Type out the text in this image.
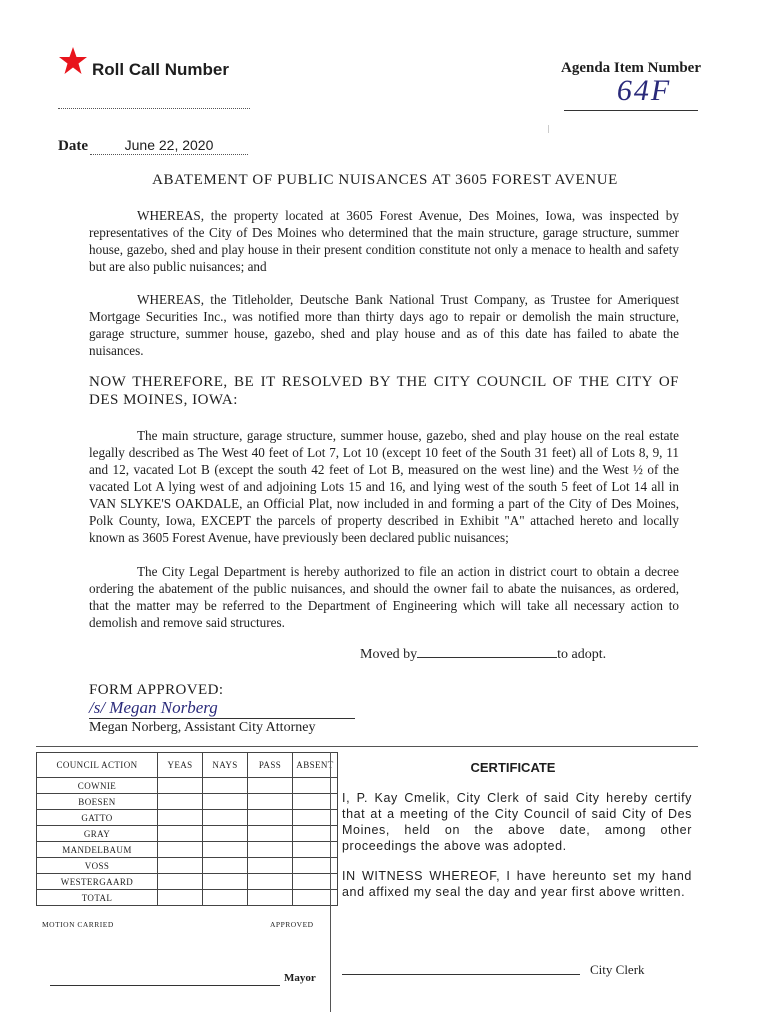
Roll Call Number	Agenda Item Number
64F
Date	June 22, 2020
ABATEMENT OF PUBLIC NUISANCES AT 3605 FOREST AVENUE
WHEREAS, the property located at 3605 Forest Avenue, Des Moines, Iowa, was inspected by representatives of the City of Des Moines who determined that the main structure, garage structure, summer house, gazebo, shed and play house in their present condition constitute not only a menace to health and safety but are also public nuisances; and
WHEREAS, the Titleholder, Deutsche Bank National Trust Company, as Trustee for Ameriquest Mortgage Securities Inc., was notified more than thirty days ago to repair or demolish the main structure, garage structure, summer house, gazebo, shed and play house and as of this date has failed to abate the nuisances.
NOW THEREFORE, BE IT RESOLVED BY THE CITY COUNCIL OF THE CITY OF DES MOINES, IOWA:
The main structure, garage structure, summer house, gazebo, shed and play house on the real estate legally described as The West 40 feet of Lot 7, Lot 10 (except 10 feet of the South 31 feet) all of Lots 8, 9, 11 and 12, vacated Lot B (except the south 42 feet of Lot B, measured on the west line) and the West ½ of the vacated Lot A lying west of and adjoining Lots 15 and 16, and lying west of the south 5 feet of Lot 14 all in VAN SLYKE'S OAKDALE, an Official Plat, now included in and forming a part of the City of Des Moines, Polk County, Iowa, EXCEPT the parcels of property described in Exhibit "A" attached hereto and locally known as 3605 Forest Avenue, have previously been declared public nuisances;
The City Legal Department is hereby authorized to file an action in district court to obtain a decree ordering the abatement of the public nuisances, and should the owner fail to abate the nuisances, as ordered, that the matter may be referred to the Department of Engineering which will take all necessary action to demolish and remove said structures.
Moved by	to adopt.
FORM APPROVED:
/s/ Megan Norberg
Megan Norberg, Assistant City Attorney
COUNCIL ACTION	YEAS	NAYS	PASS	ABSENT
COWNIE				
BOESEN				
GATTO				
GRAY				
MANDELBAUM				
VOSS				
WESTERGAARD				
TOTAL				
MOTION CARRIED	APPROVED
Mayor
CERTIFICATE
I, P. Kay Cmelik, City Clerk of said City hereby certify that at a meeting of the City Council of said City of Des Moines, held on the above date, among other proceedings the above was adopted.
IN WITNESS WHEREOF, I have hereunto set my hand and affixed my seal the day and year first above written.
City Clerk
